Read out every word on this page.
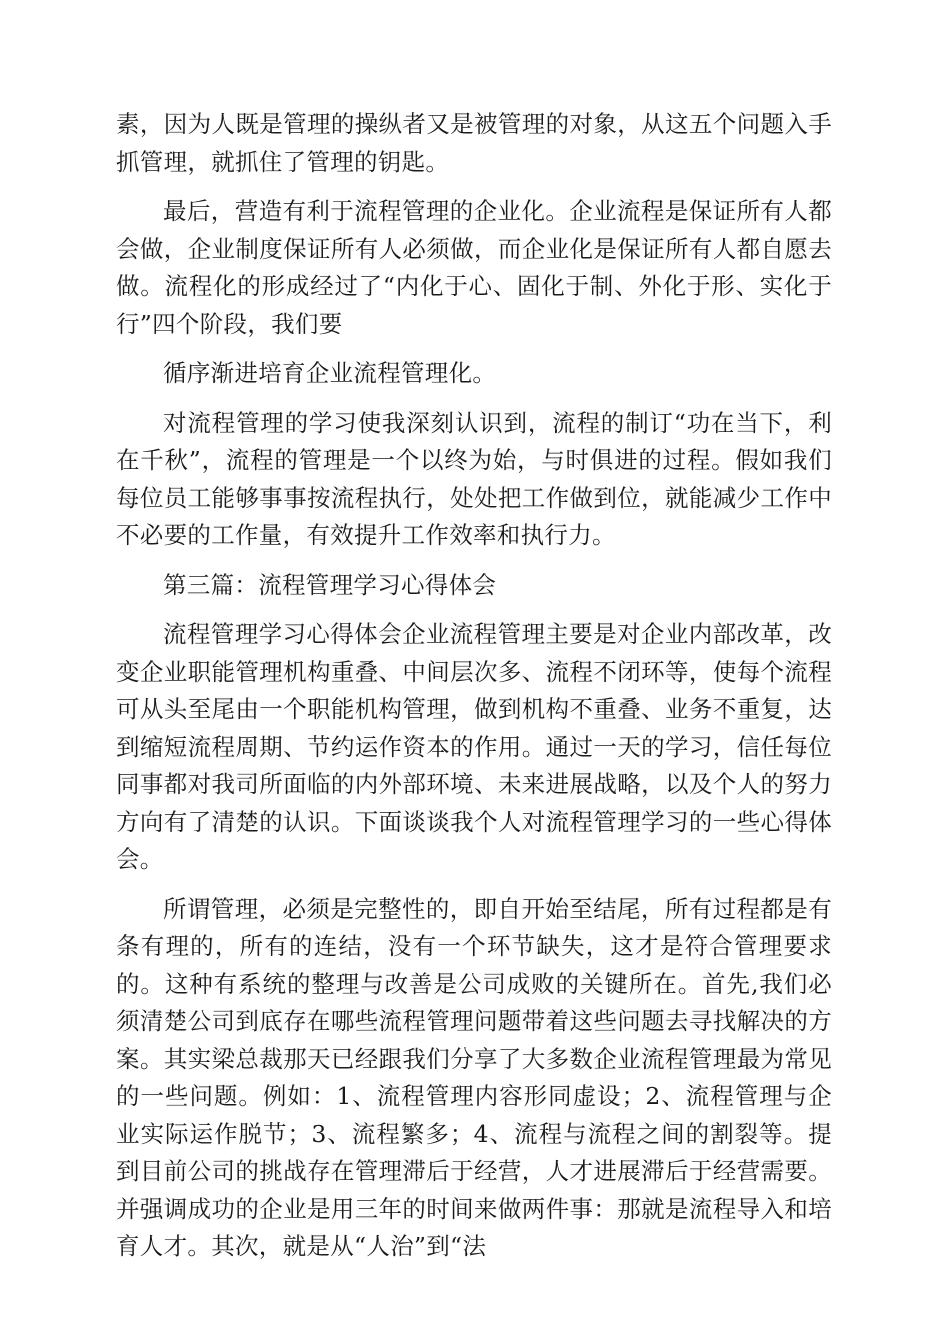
素，因为人既是管理的操纵者又是被管理的对象，从这五个问题入手抓管理，就抓住了管理的钥匙。

最后，营造有利于流程管理的企业化。企业流程是保证所有人都会做，企业制度保证所有人必须做，而企业化是保证所有人都自愿去做。流程化的形成经过了“内化于心、固化于制、外化于形、实化于行”四个阶段，我们要

循序渐进培育企业流程管理化。

对流程管理的学习使我深刻认识到，流程的制订“功在当下，利在千秋”，流程的管理是一个以终为始，与时俱进的过程。假如我们每位员工能够事事按流程执行，处处把工作做到位，就能减少工作中不必要的工作量，有效提升工作效率和执行力。

第三篇：流程管理学习心得体会

流程管理学习心得体会企业流程管理主要是对企业内部改革，改变企业职能管理机构重叠、中间层次多、流程不闭环等，使每个流程可从头至尾由一个职能机构管理，做到机构不重叠、业务不重复，达到缩短流程周期、节约运作资本的作用。通过一天的学习，信任每位同事都对我司所面临的内外部环境、未来进展战略，以及个人的努力方向有了清楚的认识。下面谈谈我个人对流程管理学习的一些心得体会。

所谓管理，必须是完整性的，即自开始至结尾，所有过程都是有条有理的，所有的连结，没有一个环节缺失，这才是符合管理要求的。这种有系统的整理与改善是公司成败的关键所在。首先,我们必须清楚公司到底存在哪些流程管理问题带着这些问题去寻找解决的方案。其实梁总裁那天已经跟我们分享了大多数企业流程管理最为常见的一些问题。例如：1、流程管理内容形同虚设；2、流程管理与企业实际运作脱节；3、流程繁多；4、流程与流程之间的割裂等。提到目前公司的挑战存在管理滞后于经营，人才进展滞后于经营需要。并强调成功的企业是用三年的时间来做两件事：那就是流程导入和培育人才。其次，就是从“人治”到“法
